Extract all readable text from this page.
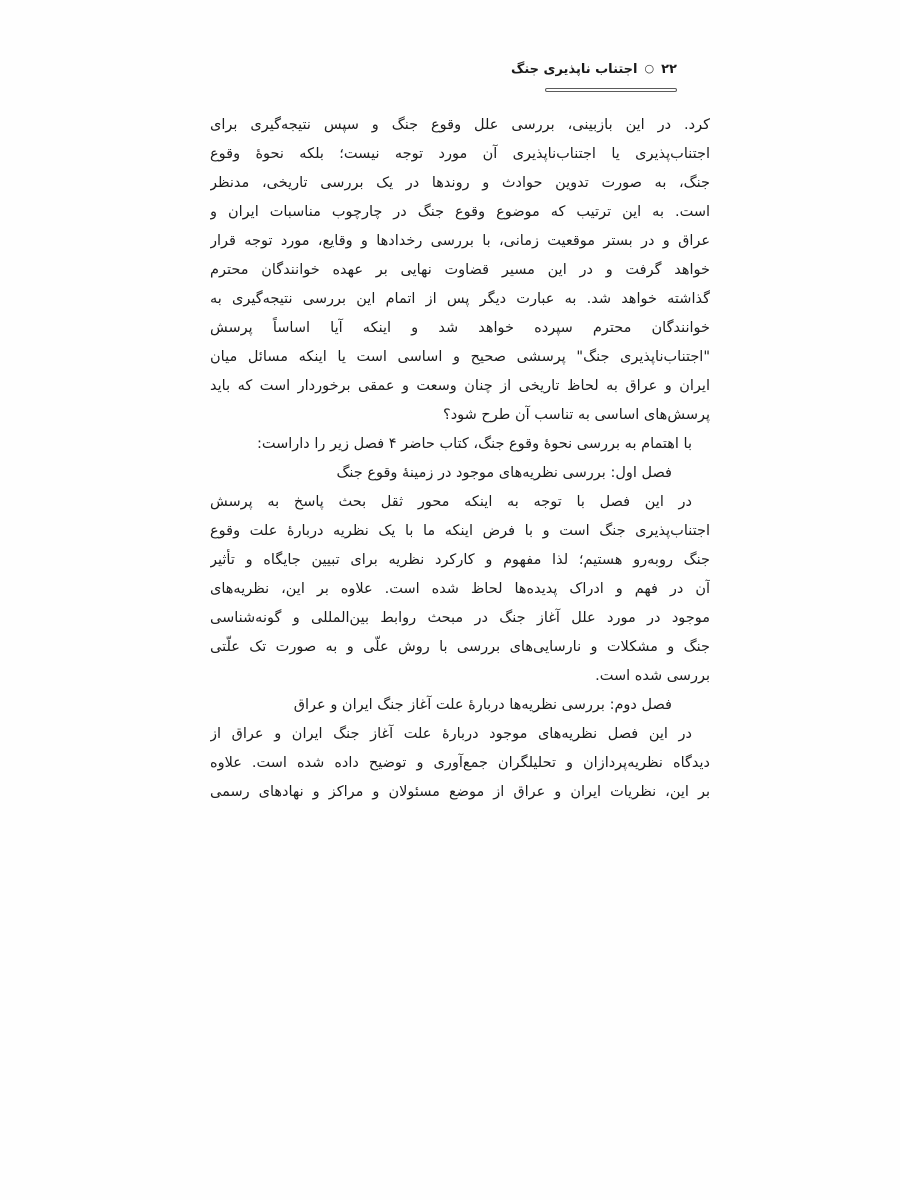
۲۲
○
اجتناب ناپذیری جنگ
کرد. در این بازبینی، بررسی علل وقوع جنگ و سپس نتیجه‌گیری برای
اجتناب‌پذیری یا اجتناب‌ناپذیری آن مورد توجه نیست؛ بلکه نحوهٔ وقوع
جنگ، به صورت تدوین حوادث و روندها در یک بررسی تاریخی، مدنظر
است. به این ترتیب که موضوع وقوع جنگ در چارچوب مناسبات ایران و
عراق و در بستر موقعیت زمانی، با بررسی رخدادها و وقایع، مورد توجه قرار
خواهد گرفت و در این مسیر قضاوت نهایی بر عهده خوانندگان محترم
گذاشته خواهد شد. به عبارت دیگر پس از اتمام این بررسی نتیجه‌گیری به
خوانندگان محترم سپرده خواهد شد و اینکه آیا اساساً پرسش
"اجتناب‌ناپذیری جنگ" پرسشی صحیح و اساسی است یا اینکه مسائل میان
ایران و عراق به لحاظ تاریخی از چنان وسعت و عمقی برخوردار است که باید
پرسش‌های اساسی به تناسب آن طرح شود؟
با اهتمام به بررسی نحوهٔ وقوع جنگ، کتاب حاضر ۴ فصل زیر را داراست:
فصل اول: بررسی نظریه‌های موجود در زمینهٔ وقوع جنگ
در این فصل با توجه به اینکه محور ثقل بحث پاسخ به پرسش
اجتناب‌پذیری جنگ است و با فرض اینکه ما با یک نظریه دربارهٔ علت وقوع
جنگ روبه‌رو هستیم؛ لذا مفهوم و کارکرد نظریه برای تبیین جایگاه و تأثیر
آن در فهم و ادراک پدیده‌ها لحاظ شده است. علاوه بر این، نظریه‌های
موجود در مورد علل آغاز جنگ در مبحث روابط بین‌المللی و گونه‌شناسی
جنگ و مشکلات و نارسایی‌های بررسی با روش علّی و به صورت تک علّتی
بررسی شده است.
فصل دوم: بررسی نظریه‌ها دربارهٔ علت آغاز جنگ ایران و عراق
در این فصل نظریه‌های موجود دربارهٔ علت آغاز جنگ ایران و عراق از
دیدگاه نظریه‌پردازان و تحلیلگران جمع‌آوری و توضیح داده شده است. علاوه
بر این، نظریات ایران و عراق از موضع مسئولان و مراکز و نهادهای رسمی
